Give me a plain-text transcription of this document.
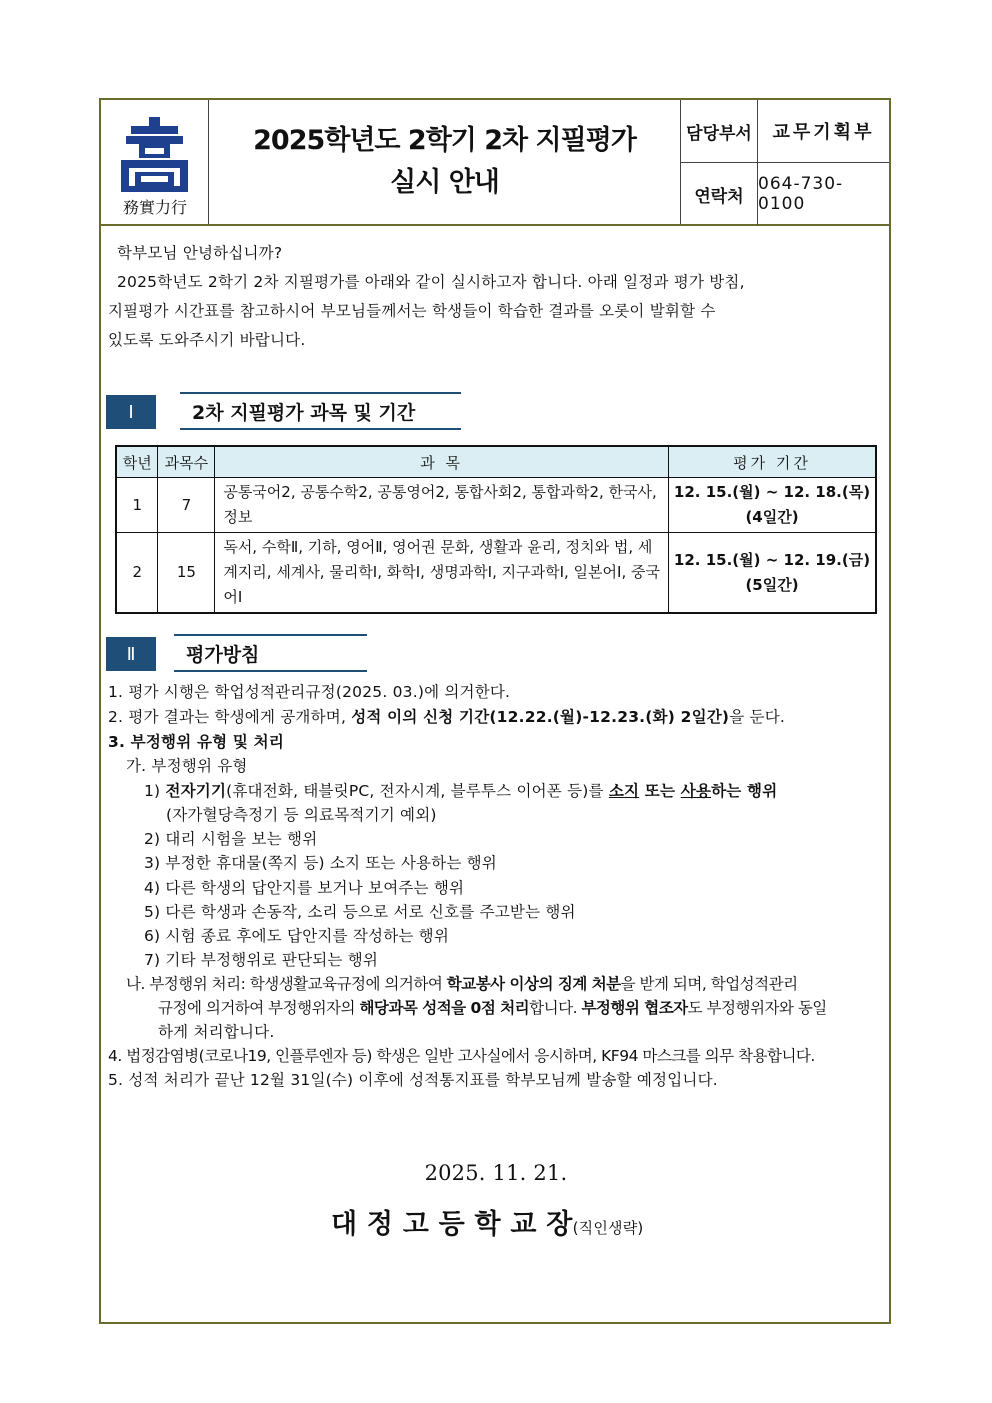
務實力行
2025학년도 2학기 2차 지필평가
실시 안내
담당부서	교무기획부
연락처
064-730-0100
학부모님 안녕하십니까?
2025학년도 2학기 2차 지필평가를 아래와 같이 실시하고자 합니다. 아래 일정과 평가 방침,
지필평가 시간표를 참고하시어 부모님들께서는 학생들이 학습한 결과를 오롯이 발휘할 수
있도록 도와주시기 바랍니다.
Ⅰ	2차 지필평가 과목 및 기간
학년	과목수	과 목	평가 기간
1	7	공통국어2, 공통수학2, 공통영어2, 통합사회2, 통합과학2, 한국사, 정보	12. 15.(월) ~ 12. 18.(목)
(4일간)

2	15	독서, 수학Ⅱ, 기하, 영어Ⅱ, 영어권 문화, 생활과 윤리, 정치와 법, 세계지리, 세계사, 물리학Ⅰ, 화학Ⅰ, 생명과학Ⅰ, 지구과학Ⅰ, 일본어Ⅰ, 중국어Ⅰ	12. 15.(월) ~ 12. 19.(금)
(5일간)
Ⅱ	평가방침
1. 평가 시행은 학업성적관리규정(2025. 03.)에 의거한다.
2. 평가 결과는 학생에게 공개하며, 성적 이의 신청 기간(12.22.(월)-12.23.(화) 2일간)을 둔다.
3. 부정행위 유형 및 처리
가. 부정행위 유형
1) 전자기기(휴대전화, 태블릿PC, 전자시계, 블루투스 이어폰 등)를 소지 또는 사용하는 행위
(자가혈당측정기 등 의료목적기기 예외)
2) 대리 시험을 보는 행위
3) 부정한 휴대물(쪽지 등) 소지 또는 사용하는 행위
4) 다른 학생의 답안지를 보거나 보여주는 행위
5) 다른 학생과 손동작, 소리 등으로 서로 신호를 주고받는 행위
6) 시험 종료 후에도 답안지를 작성하는 행위
7) 기타 부정행위로 판단되는 행위
나. 부정행위 처리: 학생생활교육규정에 의거하여 학교봉사 이상의 징계 처분을 받게 되며, 학업성적관리
규정에 의거하여 부정행위자의 해당과목 성적을 0점 처리합니다. 부정행위 협조자도 부정행위자와 동일
하게 처리합니다.
4. 법정감염병(코로나19, 인플루엔자 등) 학생은 일반 고사실에서 응시하며, KF94 마스크를 의무 착용합니다.
5. 성적 처리가 끝난 12월 31일(수) 이후에 성적통지표를 학부모님께 발송할 예정입니다.
2025. 11. 21.
대 정 고 등 학 교 장(직인생략)
